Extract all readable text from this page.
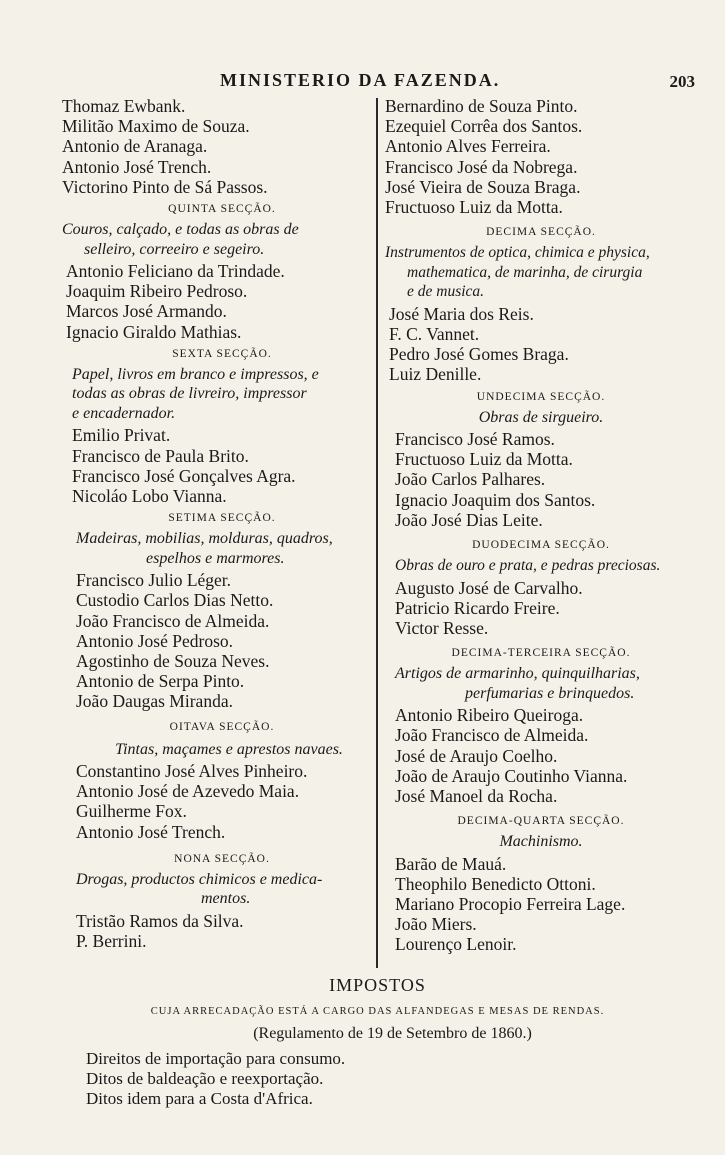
MINISTERIO DA FAZENDA.	203
Thomaz Ewbank.
Militão Maximo de Souza.
Antonio de Aranaga.
Antonio José Trench.
Victorino Pinto de Sá Passos.
QUINTA SECÇÃO.
Couros, calçado, e todas as obras de
selleiro, correeiro e segeiro.
Antonio Feliciano da Trindade.
Joaquim Ribeiro Pedroso.
Marcos José Armando.
Ignacio Giraldo Mathias.
SEXTA SECÇÃO.
Papel, livros em branco e impressos, e
todas as obras de livreiro, impressor
e encadernador.
Emilio Privat.
Francisco de Paula Brito.
Francisco José Gonçalves Agra.
Nicoláo Lobo Vianna.
SETIMA SECÇÃO.
Madeiras, mobilias, molduras, quadros,
espelhos e marmores.
Francisco Julio Léger.
Custodio Carlos Dias Netto.
João Francisco de Almeida.
Antonio José Pedroso.
Agostinho de Souza Neves.
Antonio de Serpa Pinto.
João Daugas Miranda.
OITAVA SECÇÃO.
Tintas, maçames e aprestos navaes.
Constantino José Alves Pinheiro.
Antonio José de Azevedo Maia.
Guilherme Fox.
Antonio José Trench.
NONA SECÇÃO.
Drogas, productos chimicos e medica-
mentos.
Tristão Ramos da Silva.
P. Berrini.
Bernardino de Souza Pinto.
Ezequiel Corrêa dos Santos.
Antonio Alves Ferreira.
Francisco José da Nobrega.
José Vieira de Souza Braga.
Fructuoso Luiz da Motta.
DECIMA SECÇÃO.
Instrumentos de optica, chimica e physica,
mathematica, de marinha, de cirurgia
e de musica.
José Maria dos Reis.
F. C. Vannet.
Pedro José Gomes Braga.
Luiz Denille.
UNDECIMA SECÇÃO.
Obras de sirgueiro.
Francisco José Ramos.
Fructuoso Luiz da Motta.
João Carlos Palhares.
Ignacio Joaquim dos Santos.
João José Dias Leite.
DUODECIMA SECÇÃO.
Obras de ouro e prata, e pedras preciosas.
Augusto José de Carvalho.
Patricio Ricardo Freire.
Victor Resse.
DECIMA-TERCEIRA SECÇÃO.
Artigos de armarinho, quinquilharias,
perfumarias e brinquedos.
Antonio Ribeiro Queiroga.
João Francisco de Almeida.
José de Araujo Coelho.
João de Araujo Coutinho Vianna.
José Manoel da Rocha.
DECIMA-QUARTA SECÇÃO.
Machinismo.
Barão de Mauá.
Theophilo Benedicto Ottoni.
Mariano Procopio Ferreira Lage.
João Miers.
Lourenço Lenoir.
IMPOSTOS
CUJA ARRECADAÇÃO ESTÁ A CARGO DAS ALFANDEGAS E MESAS DE RENDAS.
(Regulamento de 19 de Setembro de 1860.)
Direitos de importação para consumo.
Ditos de baldeação e reexportação.
Ditos idem para a Costa d'Africa.
